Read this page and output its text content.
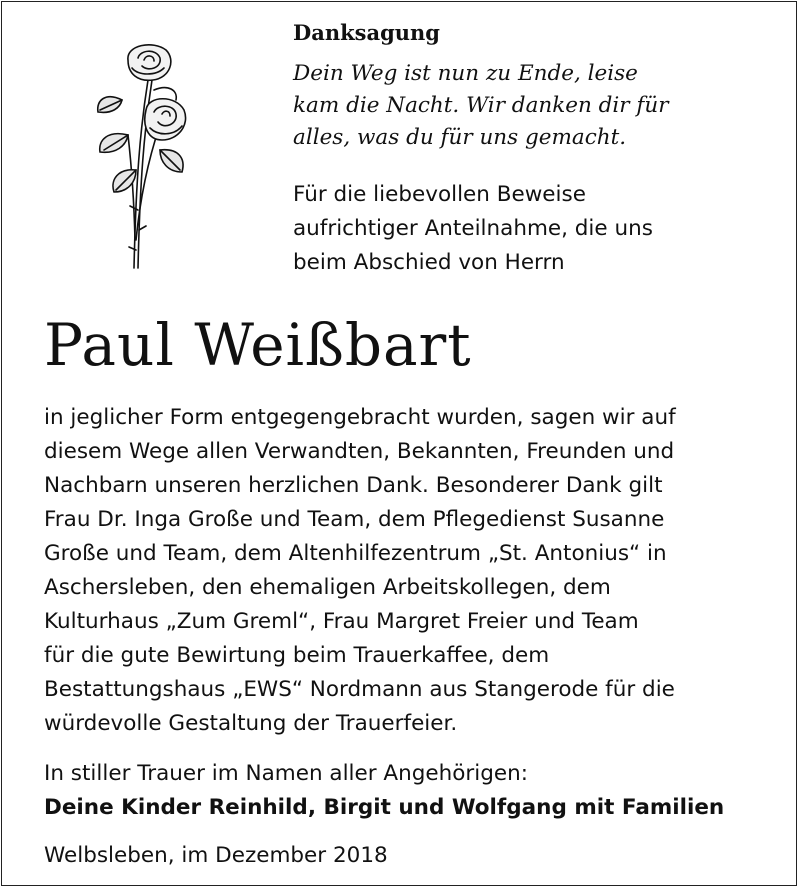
Danksagung
Dein Weg ist nun zu Ende, leise
kam die Nacht. Wir danken dir für
alles, was du für uns gemacht.
Für die liebevollen Beweise
aufrichtiger Anteilnahme, die uns
beim Abschied von Herrn
Paul Weißbart
in jeglicher Form entgegengebracht wurden, sagen wir auf
diesem Wege allen Verwandten, Bekannten, Freunden und
Nachbarn unseren herzlichen Dank. Besonderer Dank gilt
Frau Dr. Inga Große und Team, dem Pflegedienst Susanne
Große und Team, dem Altenhilfezentrum „St. Antonius“ in
Aschersleben, den ehemaligen Arbeitskollegen, dem
Kulturhaus „Zum Greml“, Frau Margret Freier und Team
für die gute Bewirtung beim Trauerkaffee, dem
Bestattungshaus „EWS“ Nordmann aus Stangerode für die
würdevolle Gestaltung der Trauerfeier.
In stiller Trauer im Namen aller Angehörigen:
Deine Kinder Reinhild, Birgit und Wolfgang mit Familien
Welbsleben, im Dezember 2018
